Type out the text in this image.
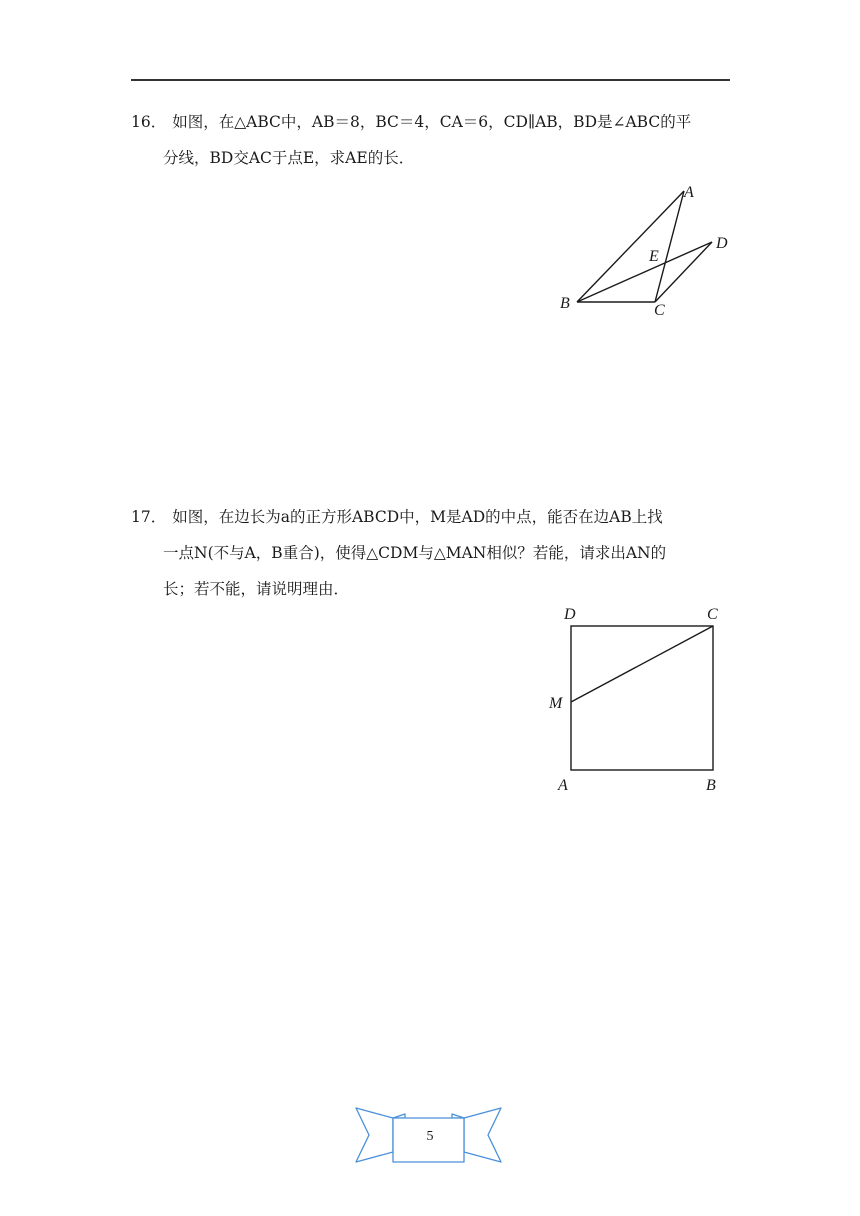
16． 如图，在△ABC中，AB＝8，BC＝4，CA＝6，CD∥AB，BD是∠ABC的平
分线，BD交AC于点E，求AE的长．
A
B	C
D
E
17． 如图，在边长为a的正方形ABCD中，M是AD的中点，能否在边AB上找
一点N(不与A，B重合)，使得△CDM与△MAN相似？若能，请求出AN的
长；若不能，请说明理由．
D	C
M
A	B
5
